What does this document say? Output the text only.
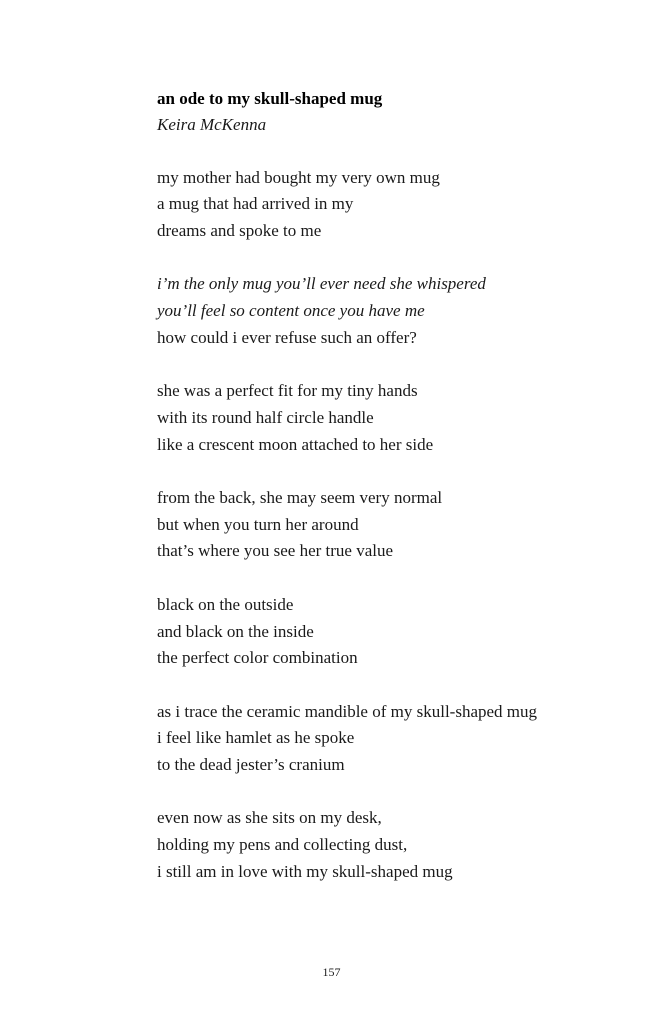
an ode to my skull-shaped mug

Keira McKenna

my mother had bought my very own mug
a mug that had arrived in my
dreams and spoke to me
i’m the only mug you’ll ever need she whispered
you’ll feel so content once you have me
how could i ever refuse such an offer?
she was a perfect fit for my tiny hands
with its round half circle handle
like a crescent moon attached to her side
from the back, she may seem very normal
but when you turn her around
that’s where you see her true value
black on the outside
and black on the inside
the perfect color combination
as i trace the ceramic mandible of my skull-shaped mug
i feel like hamlet as he spoke
to the dead jester’s cranium
even now as she sits on my desk,
holding my pens and collecting dust,
i still am in love with my skull-shaped mug
157
